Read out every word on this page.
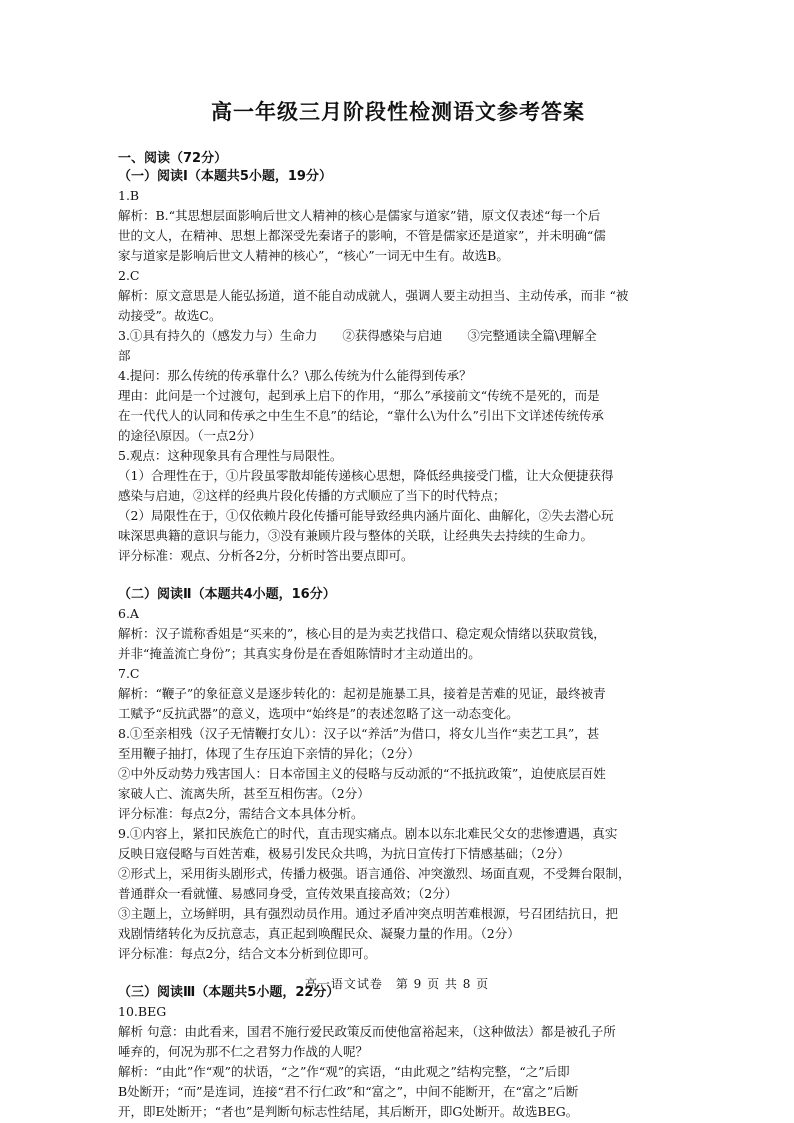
高一年级三月阶段性检测语文参考答案
一、阅读（72分）
（一）阅读Ⅰ（本题共5小题，19分）
1.B
解析：B.“其思想层面影响后世文人精神的核心是儒家与道家”错，原文仅表述“每一个后
世的文人，在精神、思想上都深受先秦诸子的影响，不管是儒家还是道家”，并未明确“儒
家与道家是影响后世文人精神的核心”，“核心”一词无中生有。故选B。
2.C
解析：原文意思是人能弘扬道，道不能自动成就人，强调人要主动担当、主动传承，而非 “被
动接受”。故选C。
3.①具有持久的（感发力与）生命力　　②获得感染与启迪　　③完整通读全篇\理解全
部
4.提问：那么传统的传承靠什么？\那么传统为什么能得到传承？
理由：此问是一个过渡句，起到承上启下的作用，“那么”承接前文“传统不是死的，而是
在一代代人的认同和传承之中生生不息”的结论，“靠什么\为什么”引出下文详述传统传承
的途径\原因。（一点2分）
5.观点：这种现象具有合理性与局限性。
（1）合理性在于，①片段虽零散却能传递核心思想，降低经典接受门槛，让大众便捷获得
感染与启迪，②这样的经典片段化传播的方式顺应了当下的时代特点；
（2）局限性在于，①仅依赖片段化传播可能导致经典内涵片面化、曲解化，②失去潜心玩
味深思典籍的意识与能力，③没有兼顾片段与整体的关联，让经典失去持续的生命力。
评分标准：观点、分析各2分，分析时答出要点即可。
（二）阅读Ⅱ（本题共4小题，16分）
6.A
解析：汉子谎称香姐是“买来的”，核心目的是为卖艺找借口、稳定观众情绪以获取赏钱，
并非“掩盖流亡身份”；其真实身份是在香姐陈情时才主动道出的。
7.C
解析：“鞭子”的象征意义是逐步转化的：起初是施暴工具，接着是苦难的见证，最终被青
工赋予“反抗武器”的意义，选项中“始终是”的表述忽略了这一动态变化。
8.①至亲相残（汉子无情鞭打女儿）：汉子以“养活”为借口，将女儿当作“卖艺工具”，甚
至用鞭子抽打，体现了生存压迫下亲情的异化；（2分）
②中外反动势力残害国人：日本帝国主义的侵略与反动派的“不抵抗政策”，迫使底层百姓
家破人亡、流离失所，甚至互相伤害。（2分）
评分标准：每点2分，需结合文本具体分析。
9.①内容上，紧扣民族危亡的时代，直击现实痛点。剧本以东北难民父女的悲惨遭遇，真实
反映日寇侵略与百姓苦难，极易引发民众共鸣，为抗日宣传打下情感基础；（2分）
②形式上，采用街头剧形式，传播力极强。语言通俗、冲突激烈、场面直观，不受舞台限制，
普通群众一看就懂、易感同身受，宣传效果直接高效；（2分）
③主题上，立场鲜明，具有强烈动员作用。通过矛盾冲突点明苦难根源，号召团结抗日，把
戏剧情绪转化为反抗意志，真正起到唤醒民众、凝聚力量的作用。（2分）
评分标准：每点2分，结合文本分析到位即可。
（三）阅读Ⅲ（本题共5小题，22分）
10.BEG
解析 句意：由此看来，国君不施行爱民政策反而使他富裕起来，（这种做法）都是被孔子所
唾弃的，何况为那不仁之君努力作战的人呢？
解析：“由此”作“观”的状语，“之”作“观”的宾语，“由此观之”结构完整，“之”后即
B处断开；“而”是连词，连接“君不行仁政”和“富之”，中间不能断开，在“富之”后断
开，即E处断开；“者也”是判断句标志性结尾，其后断开，即G处断开。故选BEG。
高一语文试卷　第 9 页 共 8 页
